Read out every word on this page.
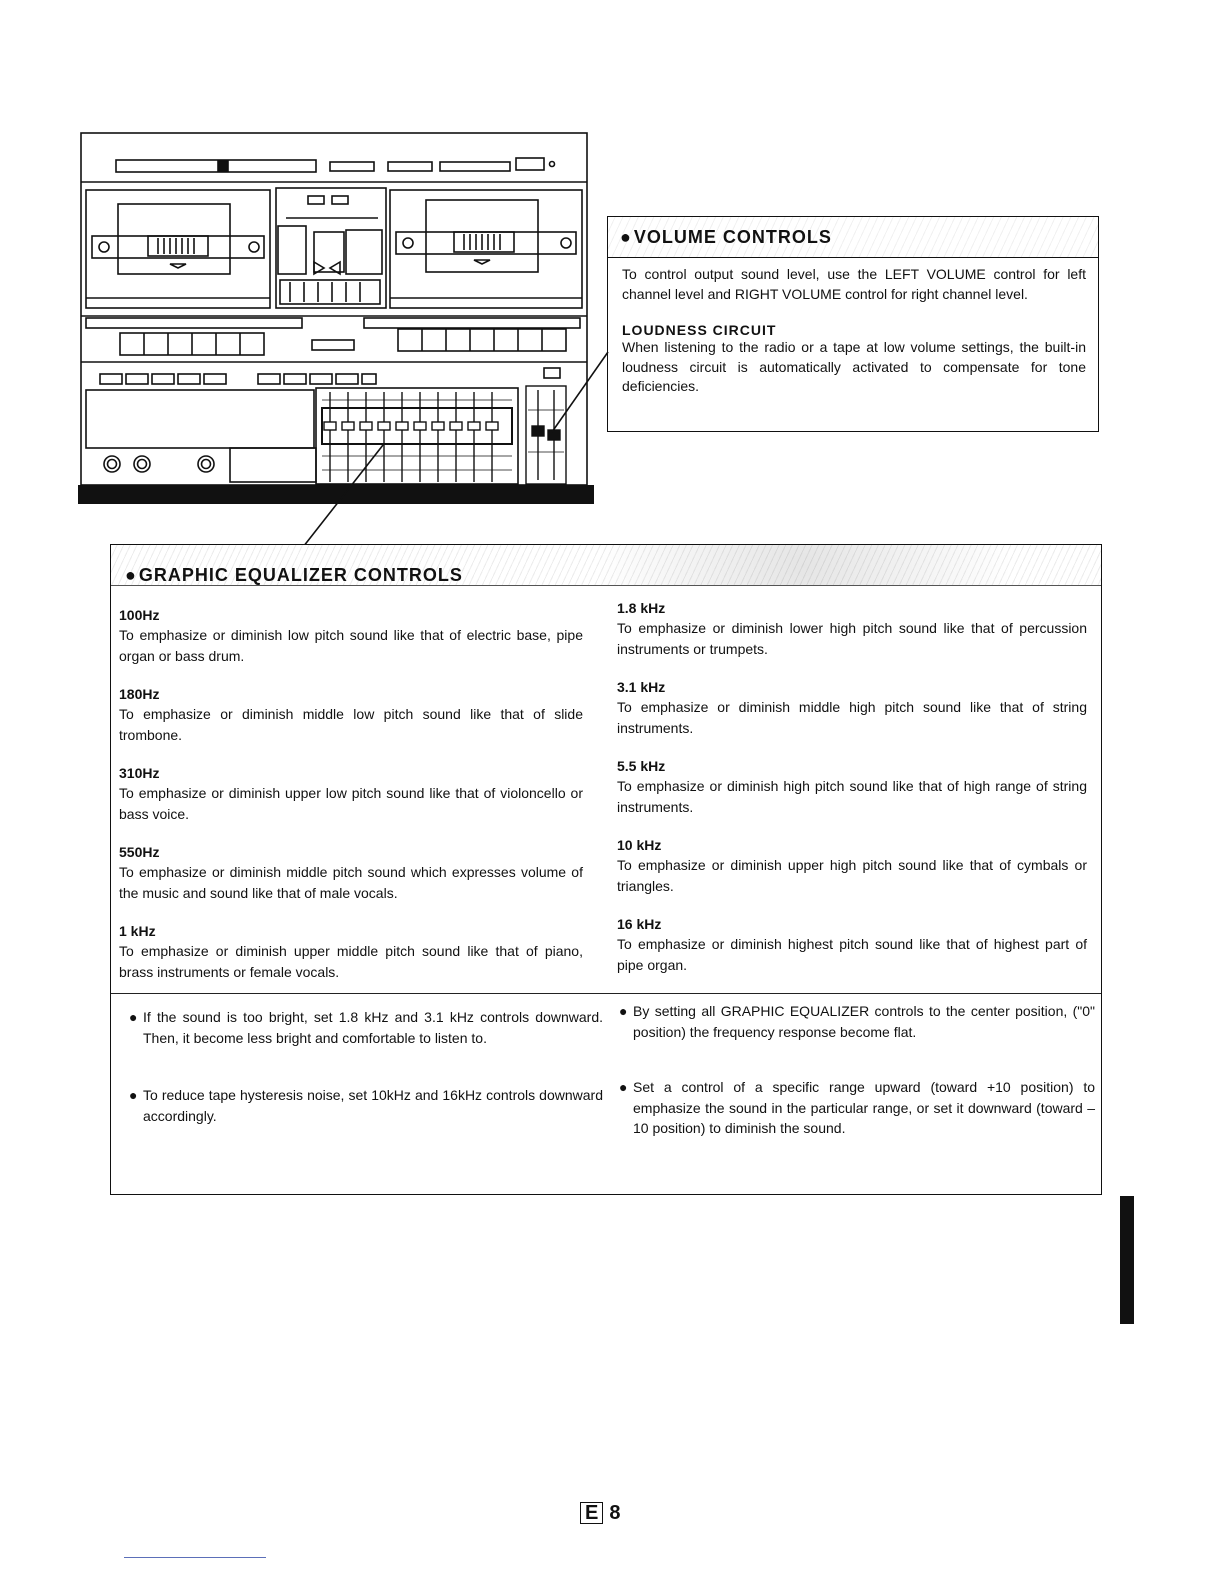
● VOLUME CONTROLS

To control output sound level, use the LEFT VOLUME control for left channel level and RIGHT VOLUME control for right channel level.

LOUDNESS CIRCUIT

When listening to the radio or a tape at low volume settings, the built-in loudness circuit is automatically activated to compensate for tone deficiencies.

● GRAPHIC EQUALIZER CONTROLS

100Hz

To emphasize or diminish low pitch sound like that of electric base, pipe organ or bass drum.

180Hz

To emphasize or diminish middle low pitch sound like that of slide trombone.

310Hz

To emphasize or diminish upper low pitch sound like that of violoncello or bass voice.

550Hz

To emphasize or diminish middle pitch sound which expresses volume of the music and sound like that of male vocals.

1 kHz

To emphasize or diminish upper middle pitch sound like that of piano, brass instruments or female vocals.

1.8 kHz

To emphasize or diminish lower high pitch sound like that of percussion instruments or trumpets.

3.1 kHz

To emphasize or diminish middle high pitch sound like that of string instruments.

5.5 kHz

To emphasize or diminish high pitch sound like that of high range of string instruments.

10 kHz

To emphasize or diminish upper high pitch sound like that of cymbals or triangles.

16 kHz

To emphasize or diminish highest pitch sound like that of highest part of pipe organ.

● If the sound is too bright, set 1.8 kHz and 3.1 kHz controls downward. Then, it become less bright and comfortable to listen to.
● To reduce tape hysteresis noise, set 10kHz and 16kHz controls downward accordingly.
● By setting all GRAPHIC EQUALIZER controls to the center position, ("0" position) the frequency response become flat.
● Set a control of a specific range upward (toward +10 position) to emphasize the sound in the particular range, or set it downward (toward –10 position) to diminish the sound.
E 8
